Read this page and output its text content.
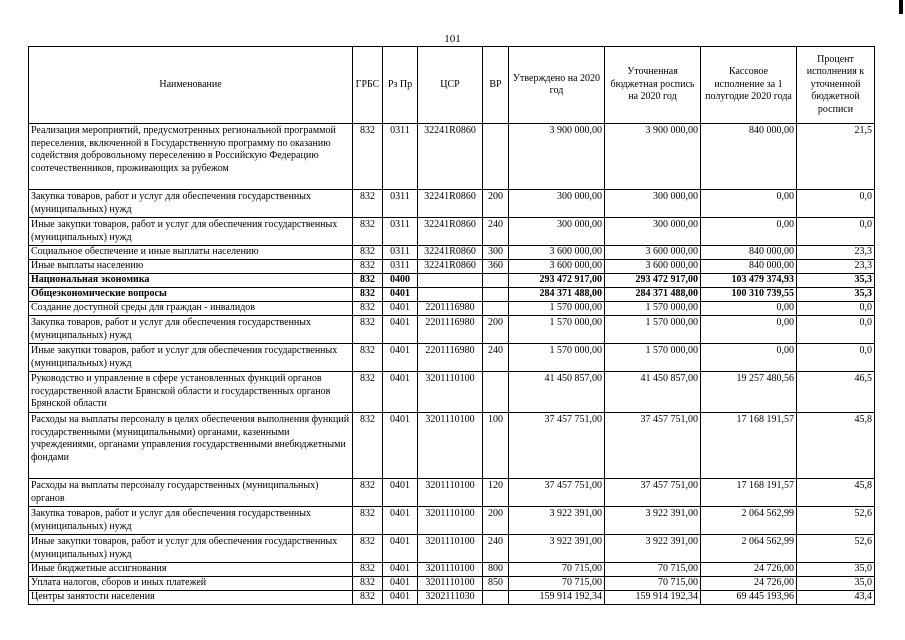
101
Наименование	ГРБС	Рз Пр	ЦСР	ВР	Утверждено на 2020 год	Уточненная бюджетная роспись на 2020 год	Кассовое исполнение за 1 полугодие 2020 года	Процент исполнения к уточненной бюджетной росписи
Реализация мероприятий, предусмотренных региональной программой переселения, включенной в Государственную программу по оказанию содействия добровольному переселению в Российскую Федерацию соотечественников, проживающих за рубежом	832	0311	32241R0860		3 900 000,00	3 900 000,00	840 000,00	21,5
Закупка товаров, работ и услуг для обеспечения государственных (муниципальных) нужд	832	0311	32241R0860	200	300 000,00	300 000,00	0,00	0,0
Иные закупки товаров, работ и услуг для обеспечения государственных (муниципальных) нужд	832	0311	32241R0860	240	300 000,00	300 000,00	0,00	0,0
Социальное обеспечение и иные выплаты населению	832	0311	32241R0860	300	3 600 000,00	3 600 000,00	840 000,00	23,3
Иные выплаты населению	832	0311	32241R0860	360	3 600 000,00	3 600 000,00	840 000,00	23,3
Национальная экономика	832	0400			293 472 917,00	293 472 917,00	103 479 374,93	35,3
Общеэкономические вопросы	832	0401			284 371 488,00	284 371 488,00	100 310 739,55	35,3
Создание доступной среды для граждан - инвалидов	832	0401	2201116980		1 570 000,00	1 570 000,00	0,00	0,0
Закупка товаров, работ и услуг для обеспечения государственных (муниципальных) нужд	832	0401	2201116980	200	1 570 000,00	1 570 000,00	0,00	0,0
Иные закупки товаров, работ и услуг для обеспечения государственных (муниципальных) нужд	832	0401	2201116980	240	1 570 000,00	1 570 000,00	0,00	0,0
Руководство и управление в сфере установленных функций органов государственной власти Брянской области и государственных органов Брянской области	832	0401	3201110100		41 450 857,00	41 450 857,00	19 257 480,56	46,5
Расходы на выплаты персоналу в целях обеспечения выполнения функций государственными (муниципальными) органами, казенными учреждениями, органами управления государственными внебюджетными фондами	832	0401	3201110100	100	37 457 751,00	37 457 751,00	17 168 191,57	45,8
Расходы на выплаты персоналу государственных (муниципальных) органов	832	0401	3201110100	120	37 457 751,00	37 457 751,00	17 168 191,57	45,8
Закупка товаров, работ и услуг для обеспечения государственных (муниципальных) нужд	832	0401	3201110100	200	3 922 391,00	3 922 391,00	2 064 562,99	52,6
Иные закупки товаров, работ и услуг для обеспечения государственных (муниципальных) нужд	832	0401	3201110100	240	3 922 391,00	3 922 391,00	2 064 562,99	52,6
Иные бюджетные ассигнования	832	0401	3201110100	800	70 715,00	70 715,00	24 726,00	35,0
Уплата налогов, сборов и иных платежей	832	0401	3201110100	850	70 715,00	70 715,00	24 726,00	35,0
Центры занятости населения	832	0401	3202111030		159 914 192,34	159 914 192,34	69 445 193,96	43,4
